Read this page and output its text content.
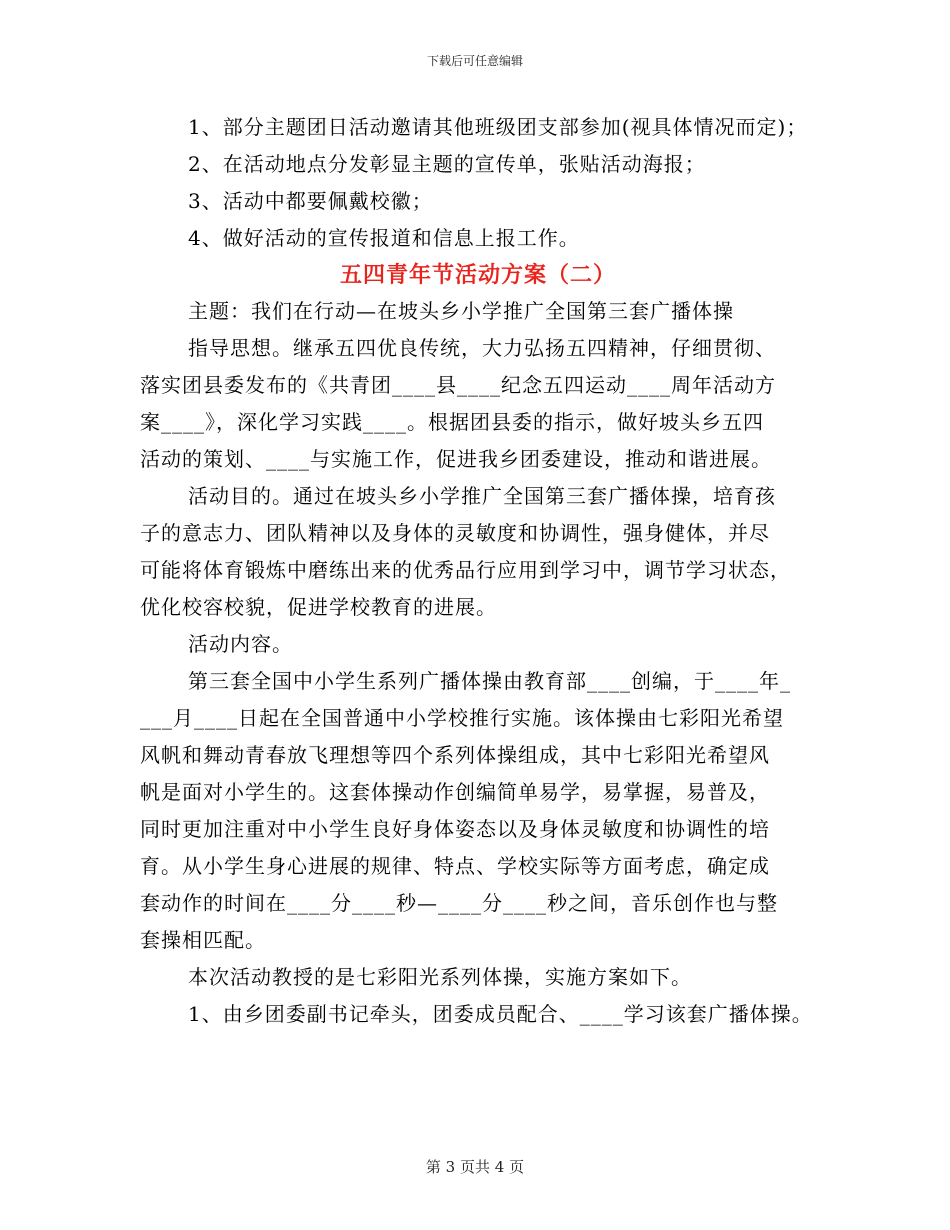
下载后可任意编辑
1、部分主题团日活动邀请其他班级团支部参加(视具体情况而定)；
2、在活动地点分发彰显主题的宣传单，张贴活动海报；
3、活动中都要佩戴校徽；
4、做好活动的宣传报道和信息上报工作。
五四青年节活动方案（二）
主题：我们在行动—在坡头乡小学推广全国第三套广播体操
指导思想。继承五四优良传统，大力弘扬五四精神，仔细贯彻、
落实团县委发布的《共青团____县____纪念五四运动____周年活动方
案____》，深化学习实践____。根据团县委的指示，做好坡头乡五四
活动的策划、____与实施工作，促进我乡团委建设，推动和谐进展。
活动目的。通过在坡头乡小学推广全国第三套广播体操，培育孩
子的意志力、团队精神以及身体的灵敏度和协调性，强身健体，并尽
可能将体育锻炼中磨练出来的优秀品行应用到学习中，调节学习状态，
优化校容校貌，促进学校教育的进展。
活动内容。
第三套全国中小学生系列广播体操由教育部____创编，于____年_
___月____日起在全国普通中小学校推行实施。该体操由七彩阳光希望
风帆和舞动青春放飞理想等四个系列体操组成，其中七彩阳光希望风
帆是面对小学生的。这套体操动作创编简单易学，易掌握，易普及，
同时更加注重对中小学生良好身体姿态以及身体灵敏度和协调性的培
育。从小学生身心进展的规律、特点、学校实际等方面考虑，确定成
套动作的时间在____分____秒—____分____秒之间，音乐创作也与整
套操相匹配。
本次活动教授的是七彩阳光系列体操，实施方案如下。
1、由乡团委副书记牵头，团委成员配合、____学习该套广播体操。
第 3 页共 4 页
